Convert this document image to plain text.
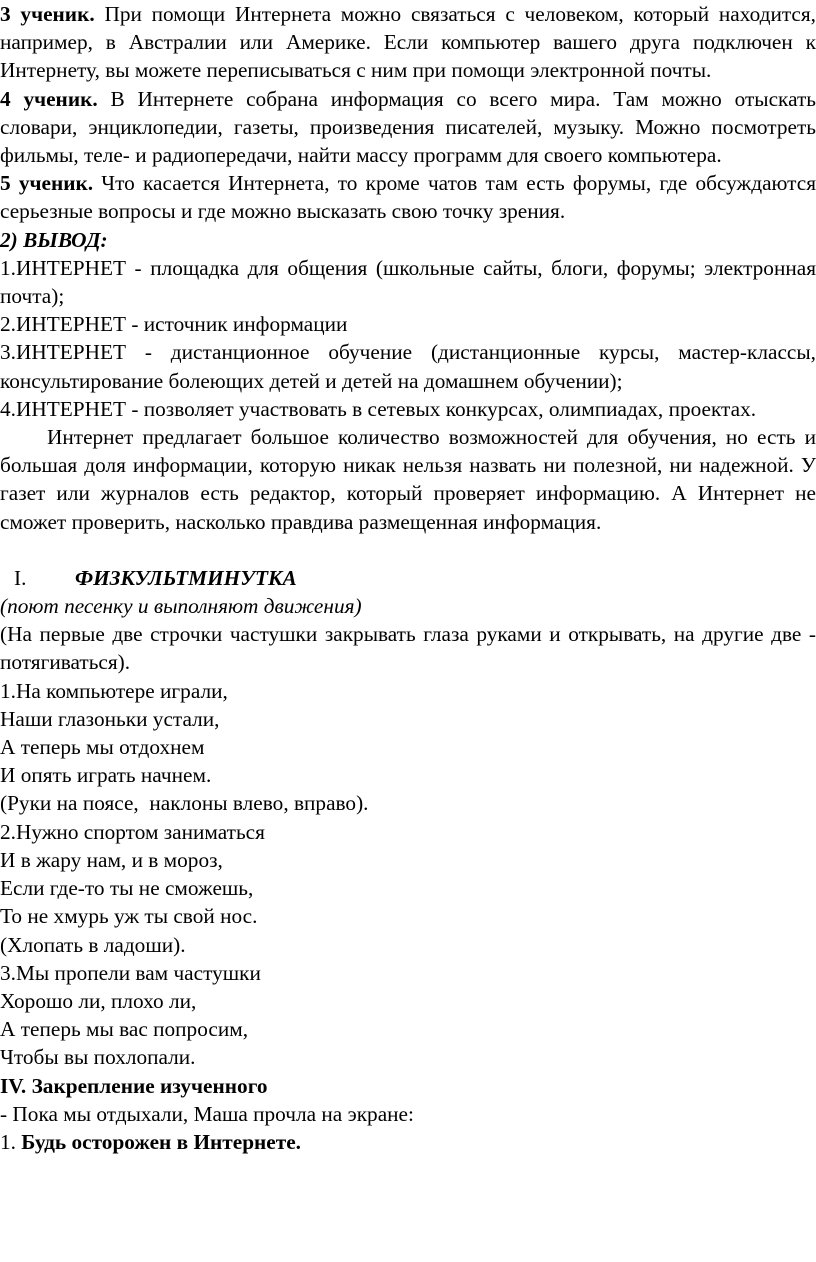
3 ученик. При помощи Интернета можно связаться с человеком, который находится, например, в Австралии или Америке. Если компьютер вашего друга подключен к Интернету, вы можете переписываться с ним при помощи электронной почты.

4 ученик. В Интернете собрана информация со всего мира. Там можно отыскать словари, энциклопедии, газеты, произведения писателей, музыку. Можно посмотреть фильмы, теле- и радиопередачи, найти массу программ для своего компьютера.

5 ученик. Что касается Интернета, то кроме чатов там есть форумы, где обсуждаются серьезные вопросы и где можно высказать свою точку зрения.

2) ВЫВОД:

1.ИНТЕРНЕТ - площадка для общения (школьные сайты, блоги, форумы; электронная почта);

2.ИНТЕРНЕТ - источник информации

3.ИНТЕРНЕТ - дистанционное обучение (дистанционные курсы, мастер-классы, консультирование болеющих детей и детей на домашнем обучении);

4.ИНТЕРНЕТ - позволяет участвовать в сетевых конкурсах, олимпиадах, проектах.

Интернет предлагает большое количество возможностей для обучения, но есть и большая доля информации, которую никак нельзя назвать ни полезной, ни надежной. У газет или журналов есть редактор, который проверяет информацию. А Интернет не сможет проверить, насколько правдива размещенная информация.

I.	ФИЗКУЛЬТМИНУТКА

(поют песенку и выполняют движения)

(На первые две строчки частушки закрывать глаза руками и открывать, на другие две - потягиваться).

1.На компьютере играли,

Наши глазоньки устали,

А теперь мы отдохнем

И опять играть начнем.

(Руки на поясе,  наклоны влево, вправо).

2.Нужно спортом заниматься

И в жару нам, и в мороз,

Если где-то ты не сможешь,

То не хмурь уж ты свой нос.

(Хлопать в ладоши).

3.Мы пропели вам частушки

Хорошо ли, плохо ли,

А теперь мы вас попросим,

Чтобы вы похлопали.

IV. Закрепление изученного

- Пока мы отдыхали, Маша прочла на экране:

1. Будь осторожен в Интернете.
